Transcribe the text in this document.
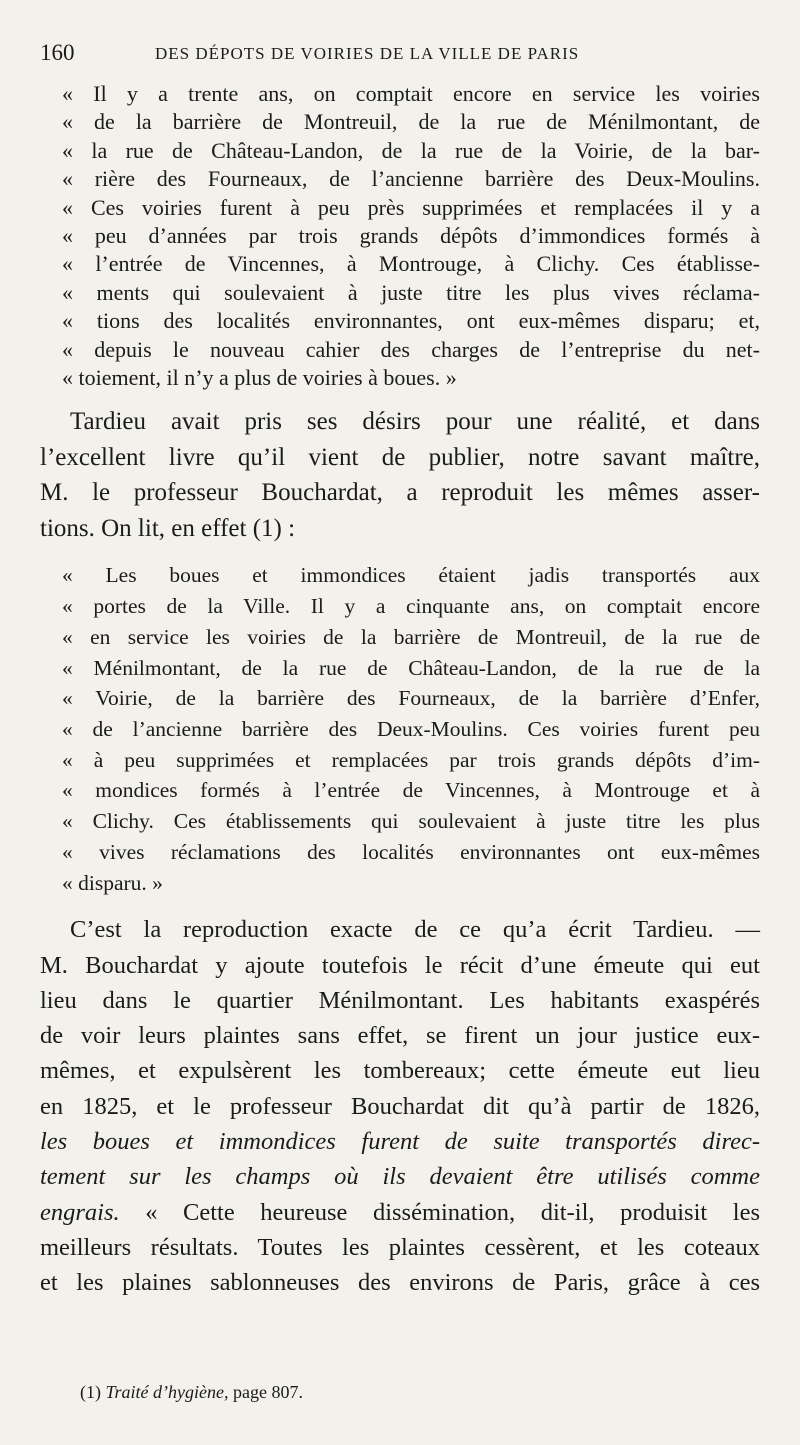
160	DES DÉPOTS DE VOIRIES DE LA VILLE DE PARIS
« Il y a trente ans, on comptait encore en service les voiries
« de la barrière de Montreuil, de la rue de Ménilmontant, de
« la rue de Château-Landon, de la rue de la Voirie, de la bar-
« rière des Fourneaux, de l’ancienne barrière des Deux-Moulins.
« Ces voiries furent à peu près supprimées et remplacées il y a
« peu d’années par trois grands dépôts d’immondices formés à
« l’entrée de Vincennes, à Montrouge, à Clichy. Ces établisse-
« ments qui soulevaient à juste titre les plus vives réclama-
« tions des localités environnantes, ont eux-mêmes disparu; et,
« depuis le nouveau cahier des charges de l’entreprise du net-
« toiement, il n’y a plus de voiries à boues. »
Tardieu avait pris ses désirs pour une réalité, et dans
l’excellent livre qu’il vient de publier, notre savant maître,
M. le professeur Bouchardat, a reproduit les mêmes asser-
tions. On lit, en effet (1) :
« Les boues et immondices étaient jadis transportés aux
« portes de la Ville. Il y a cinquante ans, on comptait encore
« en service les voiries de la barrière de Montreuil, de la rue de
« Ménilmontant, de la rue de Château-Landon, de la rue de la
« Voirie, de la barrière des Fourneaux, de la barrière d’Enfer,
« de l’ancienne barrière des Deux-Moulins. Ces voiries furent peu
« à peu supprimées et remplacées par trois grands dépôts d’im-
« mondices formés à l’entrée de Vincennes, à Montrouge et à
« Clichy. Ces établissements qui soulevaient à juste titre les plus
« vives réclamations des localités environnantes ont eux-mêmes
« disparu. »
C’est la reproduction exacte de ce qu’a écrit Tardieu. —
M. Bouchardat y ajoute toutefois le récit d’une émeute qui eut
lieu dans le quartier Ménilmontant. Les habitants exaspérés
de voir leurs plaintes sans effet, se firent un jour justice eux-
mêmes, et expulsèrent les tombereaux; cette émeute eut lieu
en 1825, et le professeur Bouchardat dit qu’à partir de 1826,
les boues et immondices furent de suite transportés direc-
tement sur les champs où ils devaient être utilisés comme
engrais. « Cette heureuse dissémination, dit-il, produisit les
meilleurs résultats. Toutes les plaintes cessèrent, et les coteaux
et les plaines sablonneuses des environs de Paris, grâce à ces
(1) Traité d’hygiène, page 807.
